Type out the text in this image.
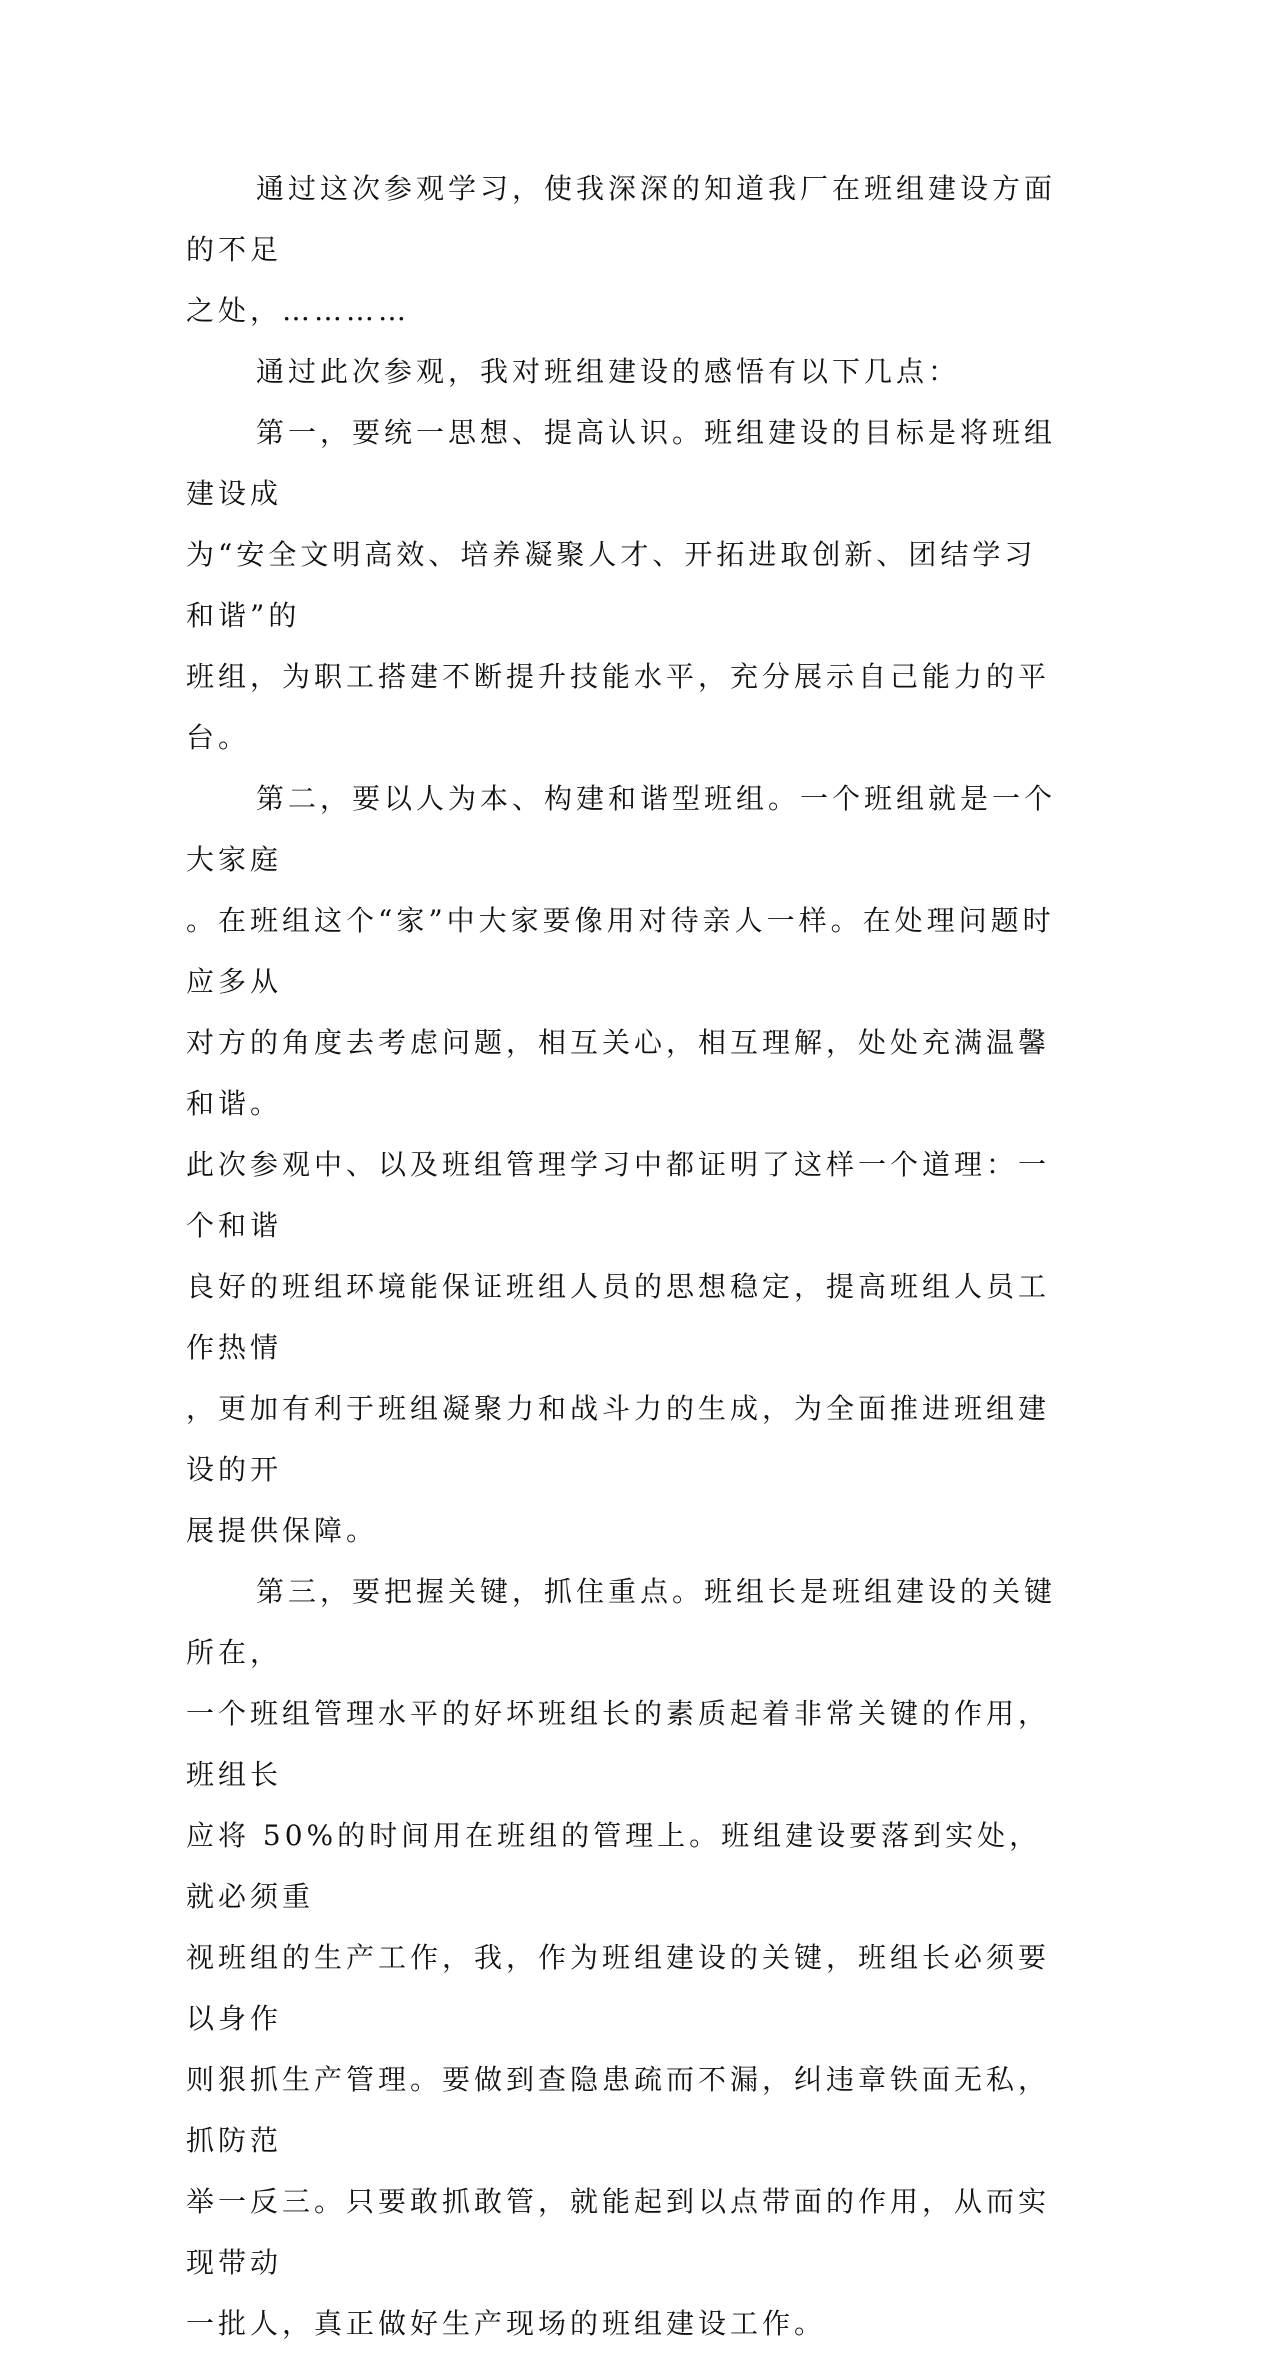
通过这次参观学习，使我深深的知道我厂在班组建设方面的不足
之处，…………

通过此次参观，我对班组建设的感悟有以下几点：

第一，要统一思想、提高认识。班组建设的目标是将班组建设成
为“安全文明高效、培养凝聚人才、开拓进取创新、团结学习和谐”的
班组，为职工搭建不断提升技能水平，充分展示自己能力的平台。

第二，要以人为本、构建和谐型班组。一个班组就是一个大家庭
。在班组这个“家”中大家要像用对待亲人一样。在处理问题时应多从
对方的角度去考虑问题，相互关心，相互理解，处处充满温馨和谐。
此次参观中、以及班组管理学习中都证明了这样一个道理：一个和谐
良好的班组环境能保证班组人员的思想稳定，提高班组人员工作热情
，更加有利于班组凝聚力和战斗力的生成，为全面推进班组建设的开
展提供保障。

第三，要把握关键，抓住重点。班组长是班组建设的关键所在，
一个班组管理水平的好坏班组长的素质起着非常关键的作用，班组长
应将 50%的时间用在班组的管理上。班组建设要落到实处，就必须重
视班组的生产工作，我，作为班组建设的关键，班组长必须要以身作
则狠抓生产管理。要做到查隐患疏而不漏，纠违章铁面无私，抓防范
举一反三。只要敢抓敢管，就能起到以点带面的作用，从而实现带动
一批人，真正做好生产现场的班组建设工作。
